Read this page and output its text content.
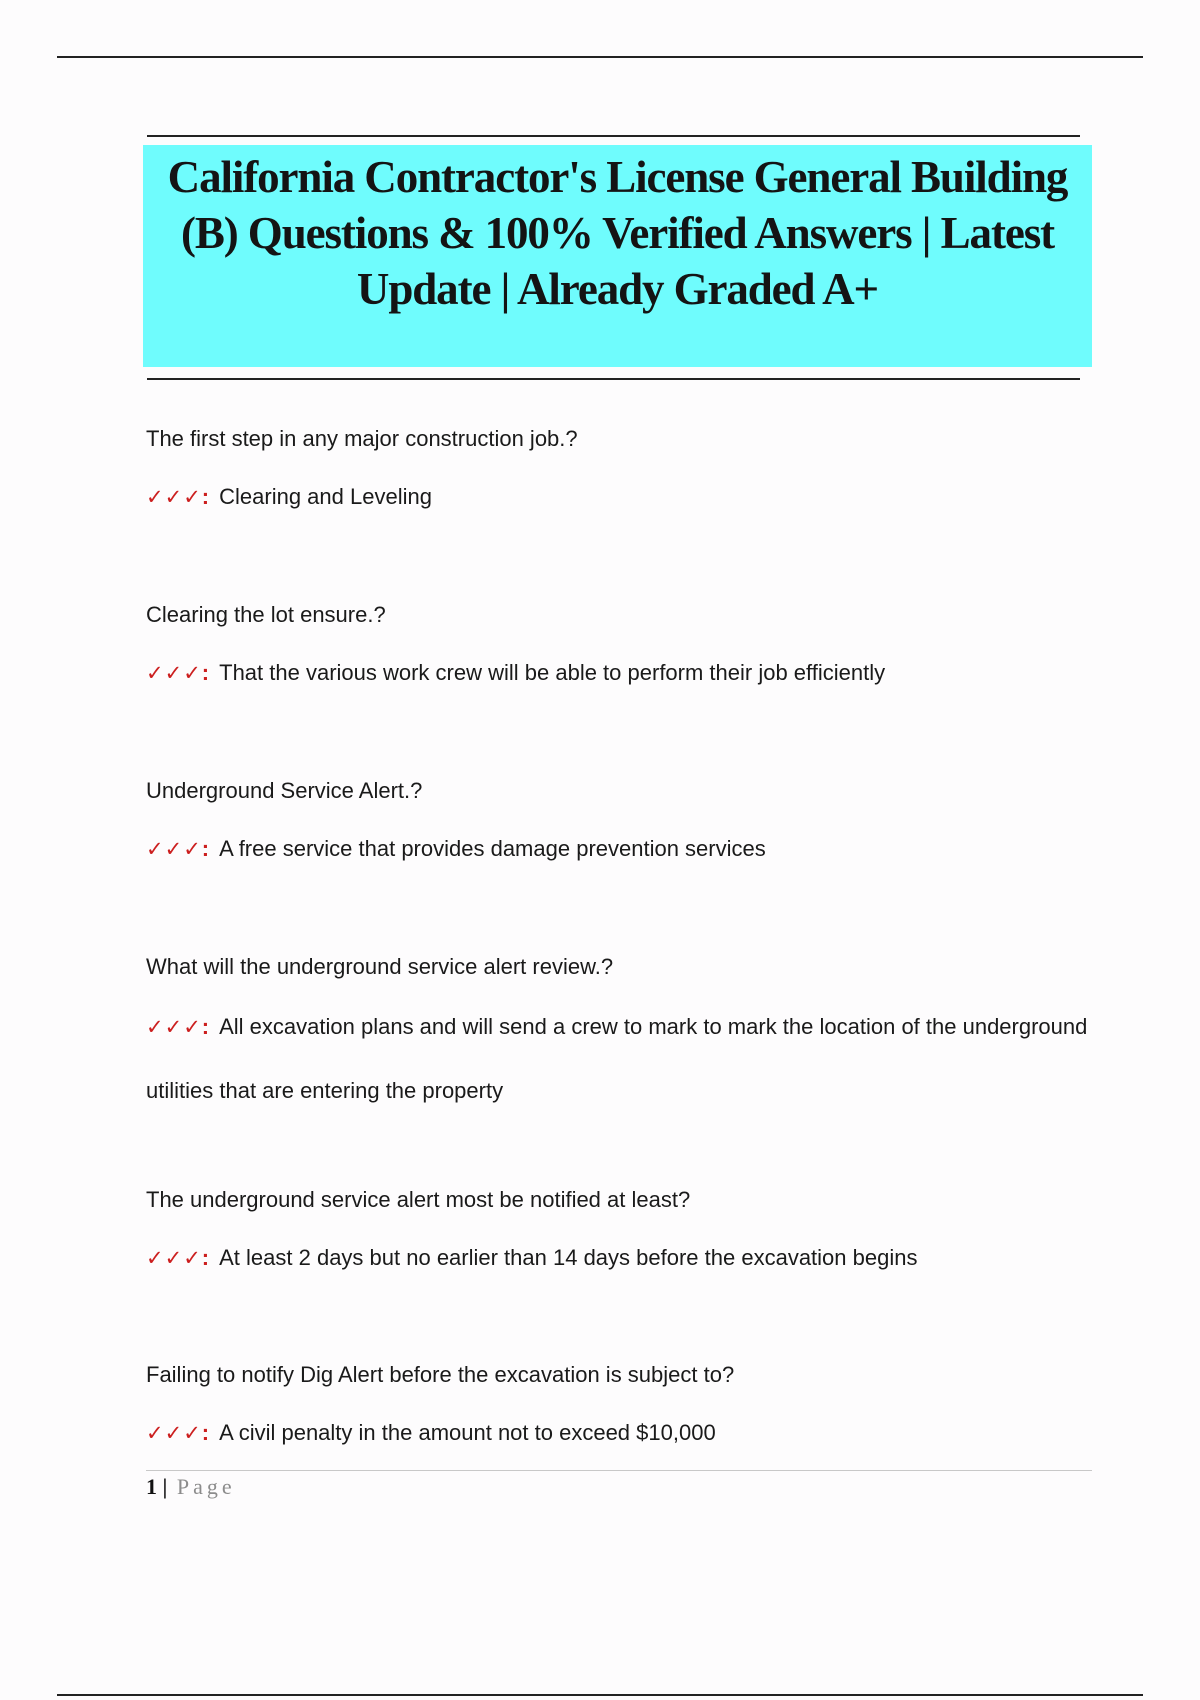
California Contractor's License General Building (B) Questions & 100% Verified Answers | Latest Update | Already Graded A+
The first step in any major construction job.?
✓✓✓: Clearing and Leveling
Clearing the lot ensure.?
✓✓✓: That the various work crew will be able to perform their job efficiently
Underground Service Alert.?
✓✓✓: A free service that provides damage prevention services
What will the underground service alert review.?
✓✓✓: All excavation plans and will send a crew to mark to mark the location of the underground utilities that are entering the property
The underground service alert most be notified at least?
✓✓✓: At least 2 days but no earlier than 14 days before the excavation begins
Failing to notify Dig Alert before the excavation is subject to?
✓✓✓: A civil penalty in the amount not to exceed $10,000
1 | Page
